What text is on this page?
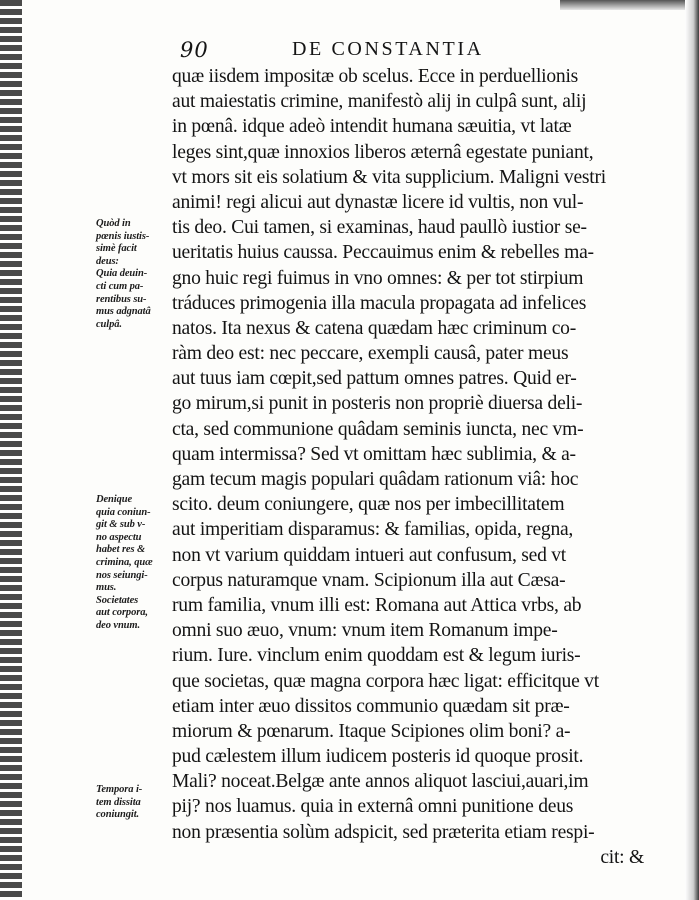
90	DE CONSTANTIA
quæ iisdem impositæ ob scelus. Ecce in perduellionis
aut maiestatis crimine, manifestò alij in culpâ sunt, alij
in pœnâ. idque adeò intendit humana sæuitia, vt latæ
leges sint,quæ innoxios liberos æternâ egestate puniant,
vt mors sit eis solatium & vita supplicium. Maligni vestri
animi! regi alicui aut dynastæ licere id vultis, non vul-
tis deo. Cui tamen, si examinas, haud paullò iustior se-
ueritatis huius caussa. Peccauimus enim & rebelles ma-
gno huic regi fuimus in vno omnes: & per tot stirpium
tráduces primogenia illa macula propagata ad infelices
natos. Ita nexus & catena quædam hæc criminum co-
ràm deo est: nec peccare, exempli causâ, pater meus
aut tuus iam cœpit,sed pattum omnes patres. Quid er-
go mirum,si punit in posteris non propriè diuersa deli-
cta, sed communione quâdam seminis iuncta, nec vm-
quam intermissa? Sed vt omittam hæc sublimia, & a-
gam tecum magis populari quâdam rationum viâ: hoc
scito. deum coniungere, quæ nos per imbecillitatem
aut imperitiam disparamus: & familias, opida, regna,
non vt varium quiddam intueri aut confusum, sed vt
corpus naturamque vnam. Scipionum illa aut Cæsa-
rum familia, vnum illi est: Romana aut Attica vrbs, ab
omni suo æuo, vnum: vnum item Romanum impe-
rium. Iure. vinclum enim quoddam est & legum iuris-
que societas, quæ magna corpora hæc ligat: efficitque vt
etiam inter æuo dissitos communio quædam sit præ-
miorum & pœnarum. Itaque Scipiones olim boni? a-
pud cælestem illum iudicem posteris id quoque prosit.
Mali? noceat.Belgæ ante annos aliquot lasciui,auari,im
pij? nos luamus. quia in externâ omni punitione deus
non præsentia solùm adspicit, sed præterita etiam respi-
cit: &
Quòd in
pœnis iustis-
simè facit
deus:
Quia deuin-
cti cum pa-
rentibus su-
mus adgnatâ
culpâ.
Denique
quia coniun-
git & sub v-
no aspectu
habet res &
crimina, quæ
nos seiungi-
mus.
Societates
aut corpora,
deo vnum.
Tempora i-
tem dissita
coniungit.
